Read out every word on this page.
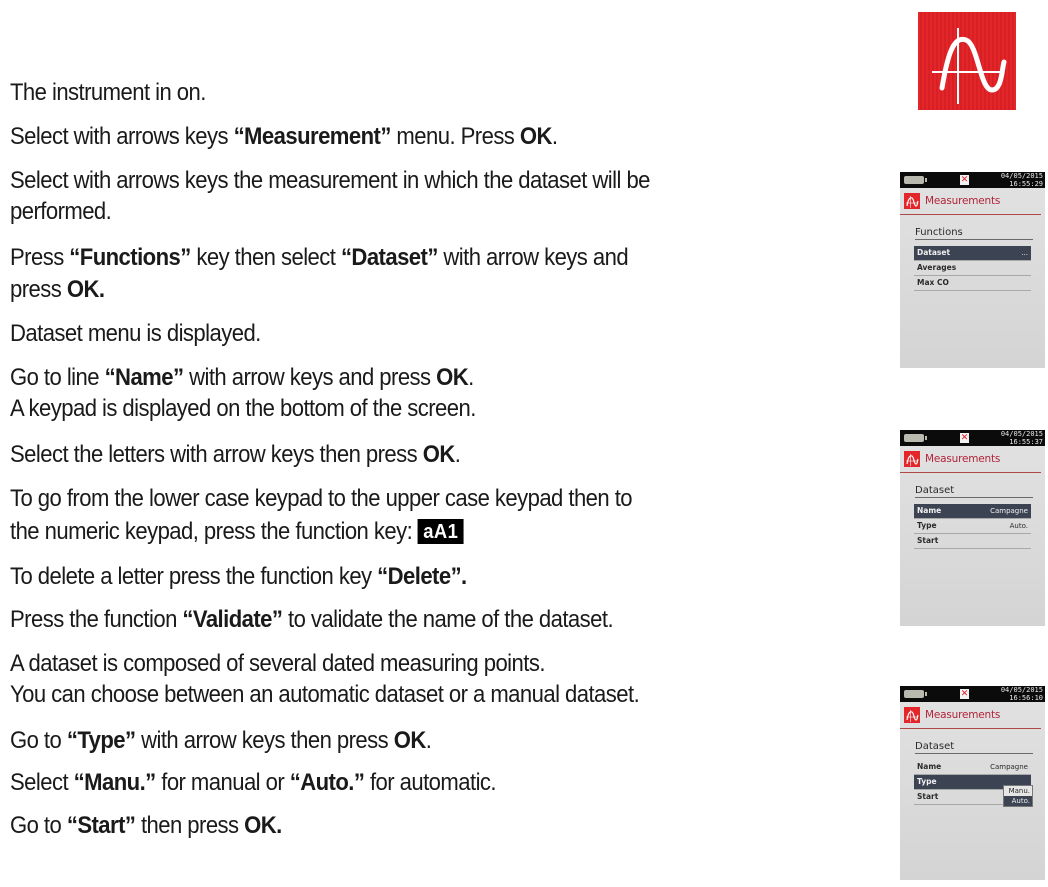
The instrument in on.
Select with arrows keys “Measurement” menu. Press OK.
Select with arrows keys the measurement in which the dataset will be
performed.
Press “Functions” key then select “Dataset” with arrow keys and
press OK.
Dataset menu is displayed.
Go to line “Name” with arrow keys and press OK.
A keypad is displayed on the bottom of the screen.
Select the letters with arrow keys then press OK.
To go from the lower case keypad to the upper case keypad then to
the numeric keypad, press the function key: aA1
To delete a letter press the function key “Delete”.
Press the function “Validate” to validate the name of the dataset.
A dataset is composed of several dated measuring points.
You can choose between an automatic dataset or a manual dataset.
Go to “Type” with arrow keys then press OK.
Select “Manu.” for manual or “Auto.” for automatic.
Go to “Start” then press OK.
✕	04/05/2015
16:55:29
Measurements
Functions
Dataset	...
Averages
Max CO
✕	04/05/2015
16:55:37
Measurements
Dataset
Name	Campagne
Type	Auto.
Start
✕	04/05/2015
16:56:10
Measurements
Dataset
Name	Campagne
Type
Manu.
Auto.
Start
